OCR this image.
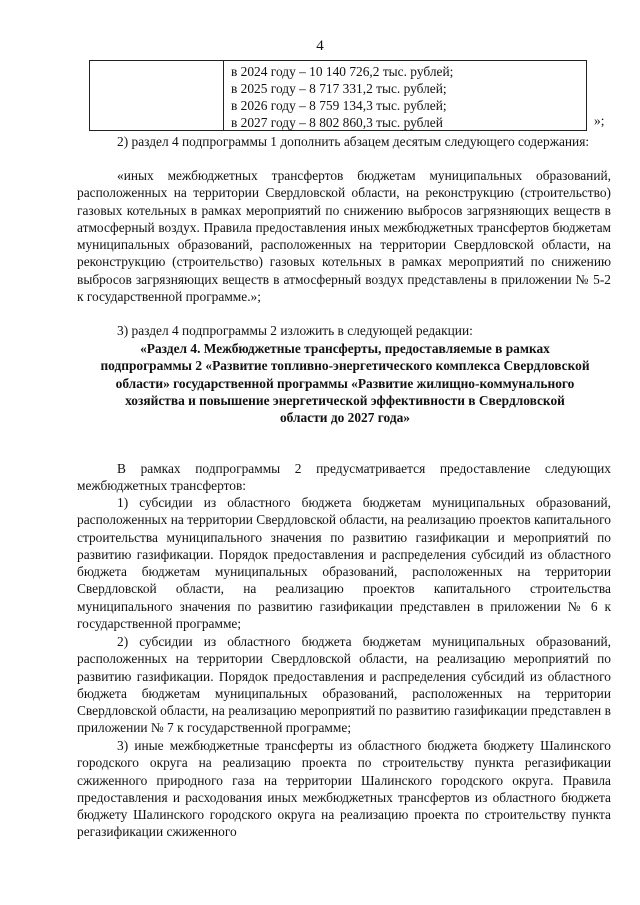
4
в 2024 году – 10 140 726,2 тыс. рублей;
в 2025 году – 8 717 331,2 тыс. рублей;
в 2026 году – 8 759 134,3 тыс. рублей;
в 2027 году – 8 802 860,3 тыс. рублей	»;
2) раздел 4 подпрограммы 1 дополнить абзацем десятым следующего содержания:
«иных межбюджетных трансфертов бюджетам муниципальных образований, расположенных на территории Свердловской области, на реконструкцию (строительство) газовых котельных в рамках мероприятий по снижению выбросов загрязняющих веществ в атмосферный воздух. Правила предоставления иных межбюджетных трансфертов бюджетам муниципальных образований, расположенных на территории Свердловской области, на реконструкцию (строительство) газовых котельных в рамках мероприятий по снижению выбросов загрязняющих веществ в атмосферный воздух представлены в приложении № 5-2 к государственной программе.»;
3) раздел 4 подпрограммы 2 изложить в следующей редакции:
«Раздел 4. Межбюджетные трансферты, предоставляемые в рамках подпрограммы 2 «Развитие топливно-энергетического комплекса Свердловской области» государственной программы «Развитие жилищно-коммунального хозяйства и повышение энергетической эффективности в Свердловской области до 2027 года»
В рамках подпрограммы 2 предусматривается предоставление следующих межбюджетных трансфертов:
1) субсидии из областного бюджета бюджетам муниципальных образований, расположенных на территории Свердловской области, на реализацию проектов капитального строительства муниципального значения по развитию газификации и мероприятий по развитию газификации. Порядок предоставления и распределения субсидий из областного бюджета бюджетам муниципальных образований, расположенных на территории Свердловской области, на реализацию проектов капитального строительства муниципального значения по развитию газификации представлен в приложении № 6 к государственной программе;
2) субсидии из областного бюджета бюджетам муниципальных образований, расположенных на территории Свердловской области, на реализацию мероприятий по развитию газификации. Порядок предоставления и распределения субсидий из областного бюджета бюджетам муниципальных образований, расположенных на территории Свердловской области, на реализацию мероприятий по развитию газификации представлен в приложении № 7 к государственной программе;
3) иные межбюджетные трансферты из областного бюджета бюджету Шалинского городского округа на реализацию проекта по строительству пункта регазификации сжиженного природного газа на территории Шалинского городского округа. Правила предоставления и расходования иных межбюджетных трансфертов из областного бюджета бюджету Шалинского городского округа на реализацию проекта по строительству пункта регазификации сжиженного
